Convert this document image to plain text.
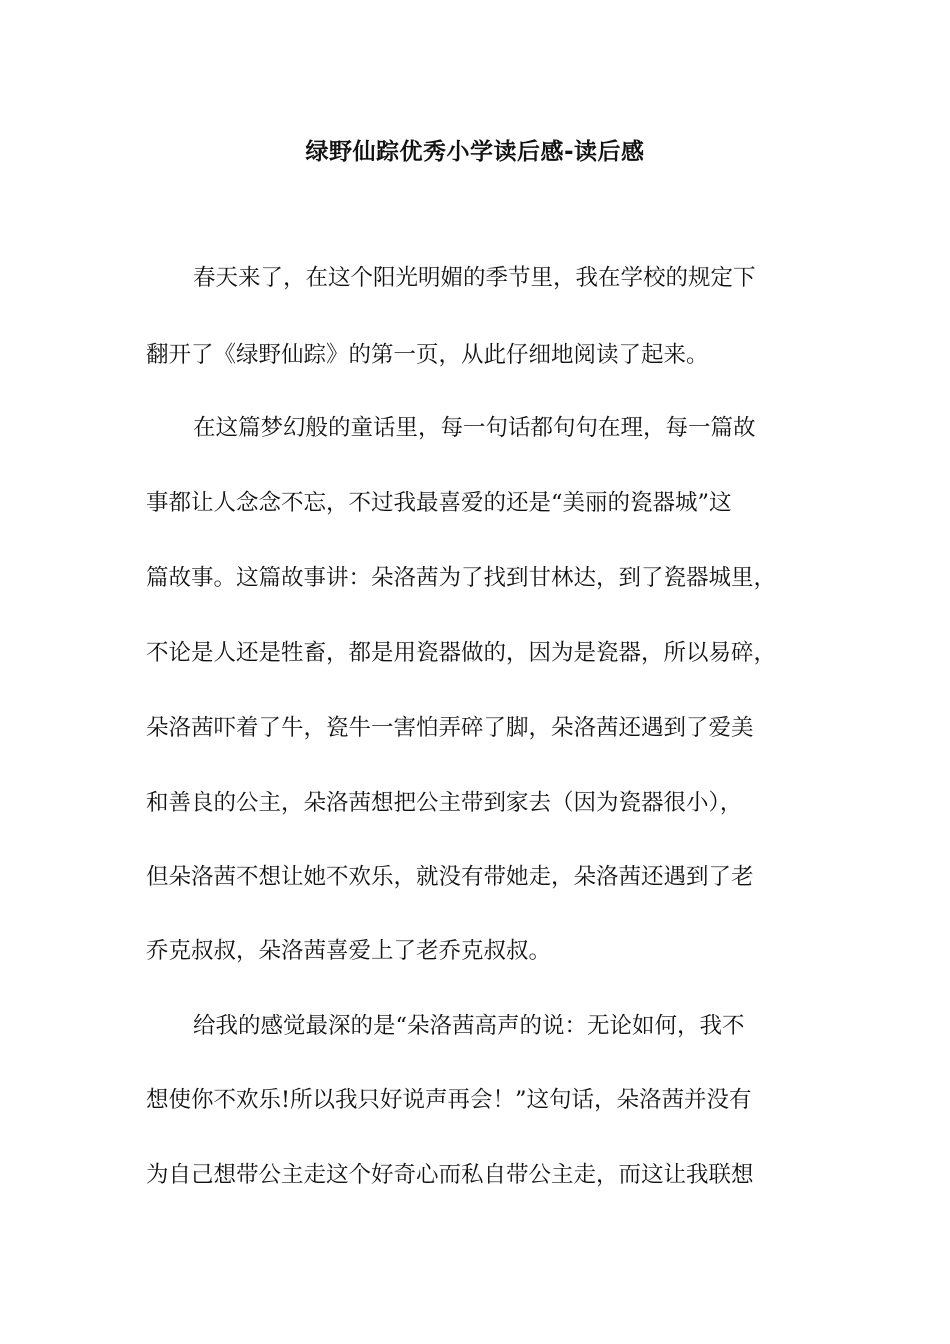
绿野仙踪优秀小学读后感-读后感
春天来了，在这个阳光明媚的季节里，我在学校的规定下
翻开了《绿野仙踪》的第一页，从此仔细地阅读了起来。
在这篇梦幻般的童话里，每一句话都句句在理，每一篇故
事都让人念念不忘，不过我最喜爱的还是“美丽的瓷器城”这
篇故事。这篇故事讲：朵洛茜为了找到甘林达，到了瓷器城里，
不论是人还是牲畜，都是用瓷器做的，因为是瓷器，所以易碎，
朵洛茜吓着了牛，瓷牛一害怕弄碎了脚，朵洛茜还遇到了爱美
和善良的公主，朵洛茜想把公主带到家去（因为瓷器很小），
但朵洛茜不想让她不欢乐，就没有带她走，朵洛茜还遇到了老
乔克叔叔，朵洛茜喜爱上了老乔克叔叔。
给我的感觉最深的是“朵洛茜高声的说：无论如何，我不
想使你不欢乐!所以我只好说声再会！”这句话，朵洛茜并没有
为自己想带公主走这个好奇心而私自带公主走，而这让我联想
